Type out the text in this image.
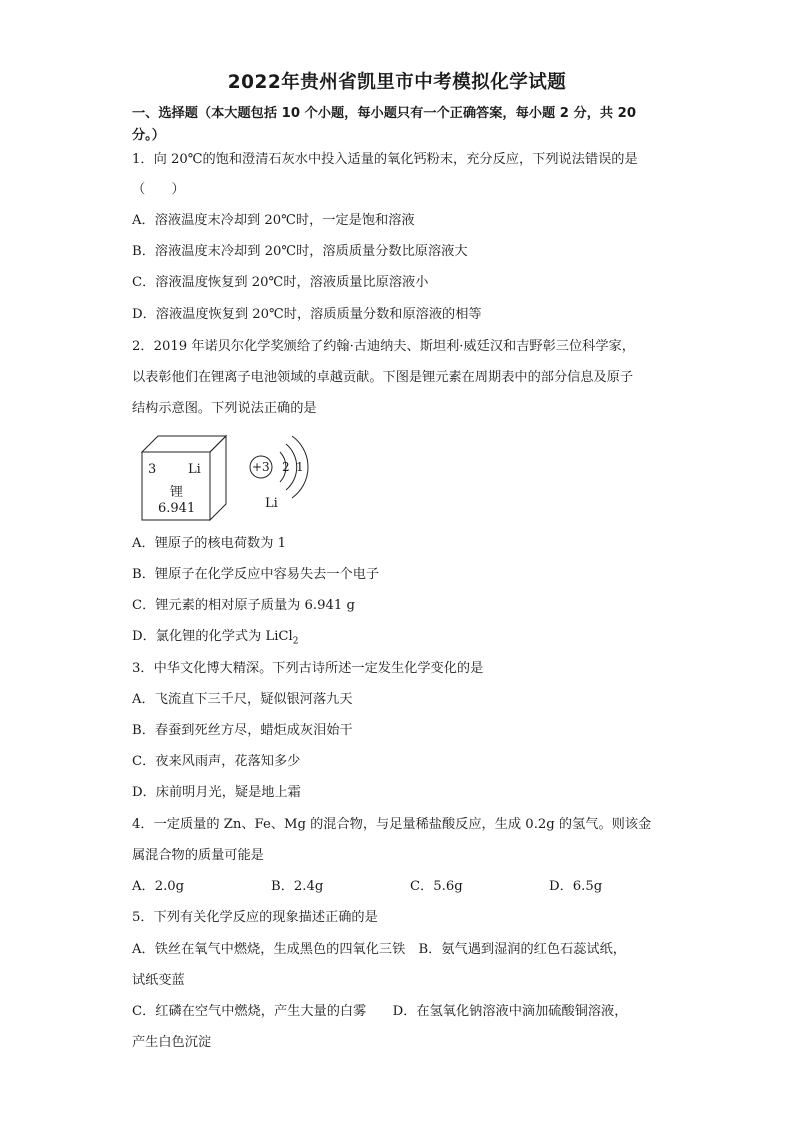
2022年贵州省凯里市中考模拟化学试题
一、选择题（本大题包括 10 个小题，每小题只有一个正确答案，每小题 2 分，共 20
分。）
1．向 20℃的饱和澄清石灰水中投入适量的氧化钙粉末，充分反应，下列说法错误的是
（　　）
A．溶液温度末冷却到 20℃时，一定是饱和溶液
B．溶液温度末冷却到 20℃时，溶质质量分数比原溶液大
C．溶液温度恢复到 20℃时，溶液质量比原溶液小
D．溶液温度恢复到 20℃时，溶质质量分数和原溶液的相等
2．2019 年诺贝尔化学奖颁给了约翰·古迪纳夫、斯坦利·威廷汉和吉野彰三位科学家，
以表彰他们在锂离子电池领域的卓越贡献。下图是锂元素在周期表中的部分信息及原子
结构示意图。下列说法正确的是
3 Li
锂
6.941
+3 2 1
Li
A．锂原子的核电荷数为 1
B．锂原子在化学反应中容易失去一个电子
C．锂元素的相对原子质量为 6.941 g
D．氯化锂的化学式为 LiCl$_2$
3．中华文化博大精深。下列古诗所述一定发生化学变化的是
A．飞流直下三千尺，疑似银河落九天
B．春蚕到死丝方尽，蜡炬成灰泪始干
C．夜来风雨声，花落知多少
D．床前明月光，疑是地上霜
4．一定质量的 Zn、Fe、Mg 的混合物，与足量稀盐酸反应，生成 0.2g 的氢气。则该金
属混合物的质量可能是
A．2.0g	B．2.4g	C．5.6g	D．6.5g
5．下列有关化学反应的现象描述正确的是
A．铁丝在氧气中燃烧，生成黑色的四氧化三铁　B．氨气遇到湿润的红色石蕊试纸，
试纸变蓝
C．红磷在空气中燃烧，产生大量的白雾　　D．在氢氧化钠溶液中滴加硫酸铜溶液，
产生白色沉淀
